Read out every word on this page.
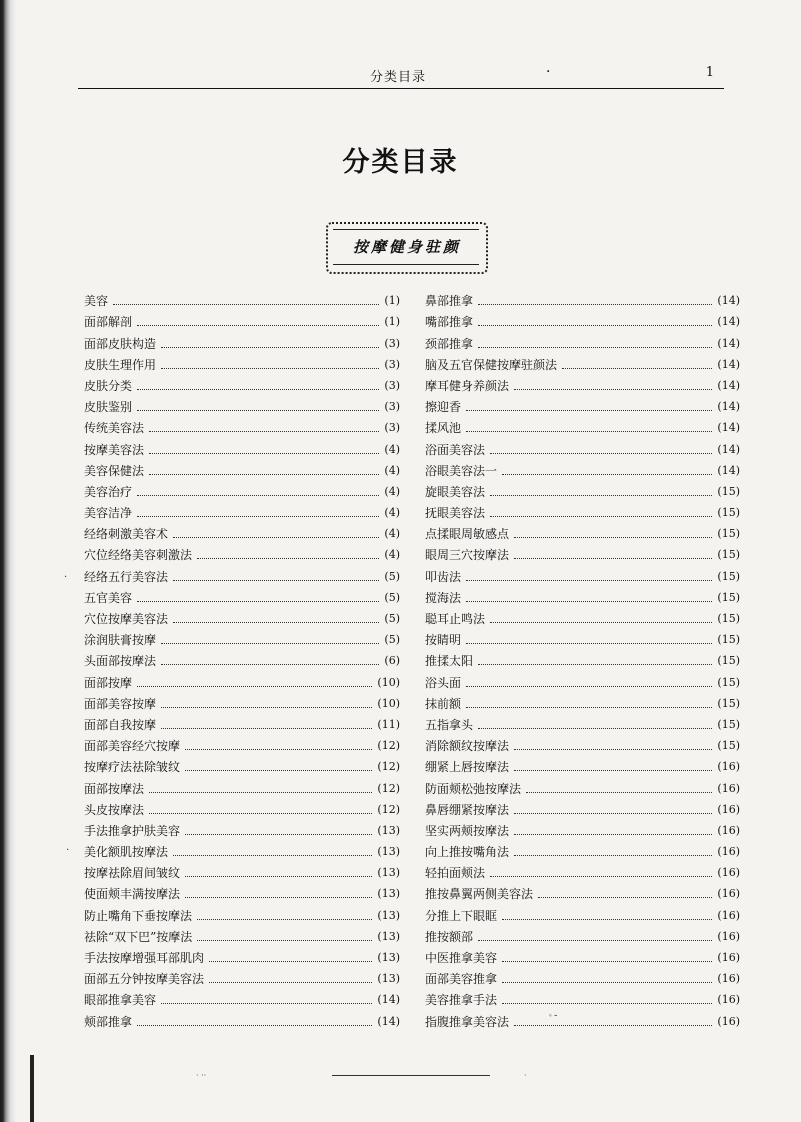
·
·
分类目录	·	1
分类目录
按摩健身驻颜
美容	(1)
面部解剖	(1)
面部皮肤构造	(3)
皮肤生理作用	(3)
皮肤分类	(3)
皮肤鉴别	(3)
传统美容法	(3)
按摩美容法	(4)
美容保健法	(4)
美容治疗	(4)
美容洁净	(4)
经络刺激美容术	(4)
穴位经络美容刺激法	(4)
经络五行美容法	(5)
五官美容	(5)
穴位按摩美容法	(5)
涂润肤膏按摩	(5)
头面部按摩法	(6)
面部按摩	(10)
面部美容按摩	(10)
面部自我按摩	(11)
面部美容经穴按摩	(12)
按摩疗法祛除皱纹	(12)
面部按摩法	(12)
头皮按摩法	(12)
手法推拿护肤美容	(13)
美化额肌按摩法	(13)
按摩祛除眉间皱纹	(13)
使面颊丰满按摩法	(13)
防止嘴角下垂按摩法	(13)
祛除“双下巴”按摩法	(13)
手法按摩增强耳部肌肉	(13)
面部五分钟按摩美容法	(13)
眼部推拿美容	(14)
颊部推拿	(14)
鼻部推拿	(14)
嘴部推拿	(14)
颈部推拿	(14)
脑及五官保健按摩驻颜法	(14)
摩耳健身养颜法	(14)
擦迎香	(14)
揉风池	(14)
浴面美容法	(14)
浴眼美容法一	(14)
旋眼美容法	(15)
抚眼美容法	(15)
点揉眼周敏感点	(15)
眼周三穴按摩法	(15)
叩齿法	(15)
搅海法	(15)
聪耳止鸣法	(15)
按睛明	(15)
推揉太阳	(15)
浴头面	(15)
抹前额	(15)
五指拿头	(15)
消除额纹按摩法	(15)
绷紧上唇按摩法	(16)
防面颊松弛按摩法	(16)
鼻唇绷紧按摩法	(16)
坚实两颊按摩法	(16)
向上推按嘴角法	(16)
轻拍面颊法	(16)
推按鼻翼两侧美容法	(16)
分推上下眼眶	(16)
推按额部	(16)
中医推拿美容	(16)
面部美容推拿	(16)
美容推拿手法	(16)
指腹推拿美容法	(16)
ﾟ¯
· ··	·
